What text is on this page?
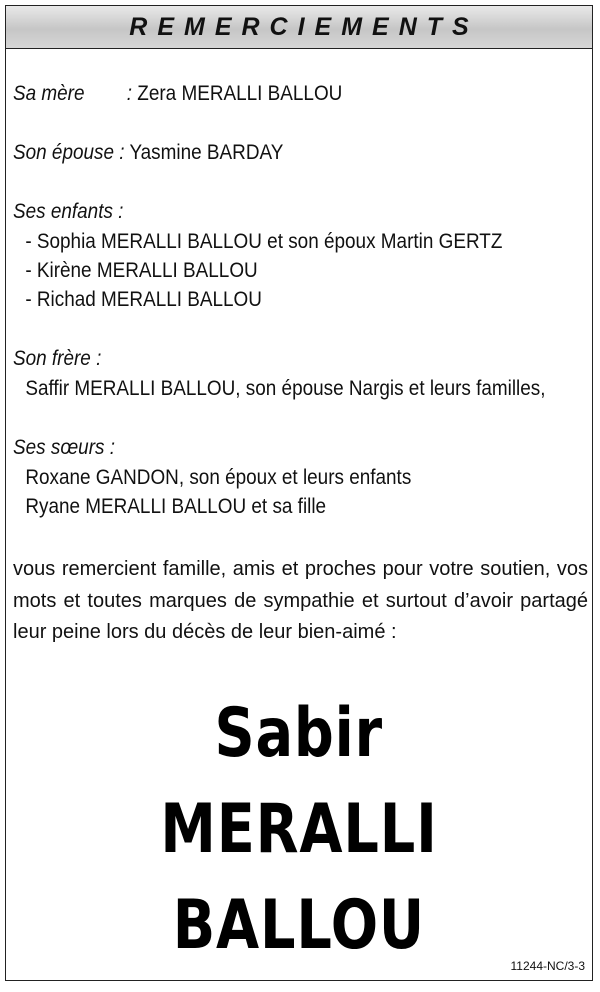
REMERCIEMENTS
Sa mère : Zera MERALLI BALLOU
Son épouse : Yasmine BARDAY
Ses enfants :
- Sophia MERALLI BALLOU et son époux Martin GERTZ
- Kirène MERALLI BALLOU
- Richad MERALLI BALLOU
Son frère :
Saffir MERALLI BALLOU, son épouse Nargis et leurs familles,
Ses sœurs :
Roxane GANDON, son époux et leurs enfants
Ryane MERALLI BALLOU et sa fille
vous remercient famille, amis et proches pour votre soutien, vos mots et toutes marques de sympathie et surtout d’avoir partagé leur peine lors du décès de leur bien-aimé :
Sabir
MERALLI
BALLOU
11244-NC/3-3
